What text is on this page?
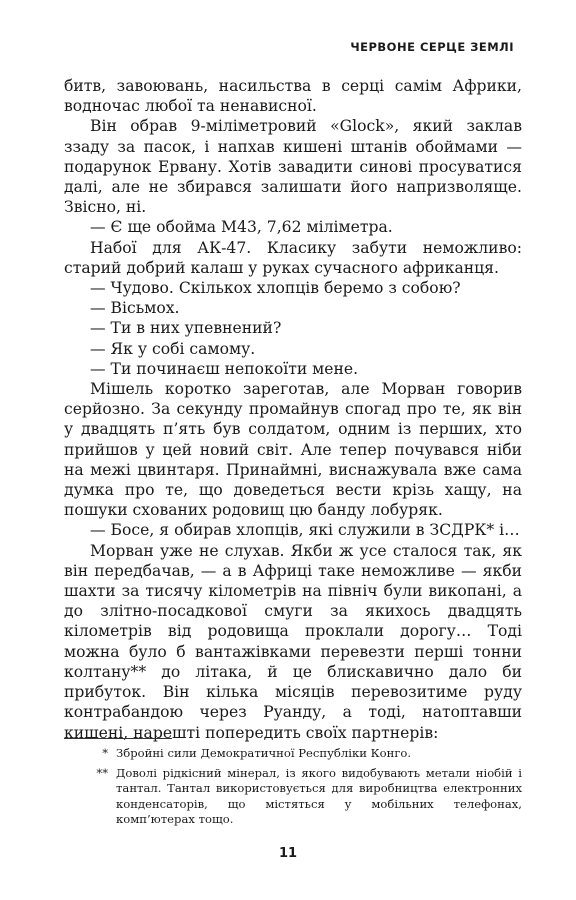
ЧЕРВОНЕ СЕРЦЕ ЗЕМЛІ

битв, завоювань, насильства в серці самім Африки, водночас любої та ненависної.

Він обрав 9-міліметровий «Glock», який заклав ззаду за пасок, і напхав кишені штанів обоймами — подарунок Ервану. Хотів завадити синові просуватися далі, але не збирався залишати його напризволяще. Звісно, ні.

— Є ще обойма М43, 7,62 міліметра.

Набої для АК-47. Класику забути неможливо: старий добрий калаш у руках сучасного африканця.

— Чудово. Скількох хлопців беремо з собою?

— Вісьмох.

— Ти в них упевнений?

— Як у собі самому.

— Ти починаєш непокоїти мене.

Мішель коротко зареготав, але Морван говорив серйозно. За секунду промайнув спогад про те, як він у двадцять п’ять був солдатом, одним із перших, хто прийшов у цей новий світ. Але тепер почувався ніби на межі цвинтаря. Принаймні, виснажувала вже сама думка про те, що доведеться вести крізь хащу, на пошуки схованих родовищ цю банду лобуряк.

— Босе, я обирав хлопців, які служили в ЗСДРК* і…

Морван уже не слухав. Якби ж усе сталося так, як він передбачав, — а в Африці таке неможливе — якби шахти за тисячу кілометрів на північ були викопані, а до злітно-посадкової смуги за якихось двадцять кілометрів від родовища проклали дорогу… Тоді можна було б вантажівками перевезти перші тонни колтану** до літака, й це блискавично дало би прибуток. Він кілька місяців перевозитиме руду контрабандою через Руанду, а тоді, натоптавши кишені, нарешті попередить своїх партнерів:

* Збройні сили Демократичної Республіки Конго.
** Доволі рідкісний мінерал, із якого видобувають метали ніобій і тантал. Тантал використовується для виробництва електронних конденсаторів, що містяться у мобільних телефонах, комп’ютерах тощо.
11
